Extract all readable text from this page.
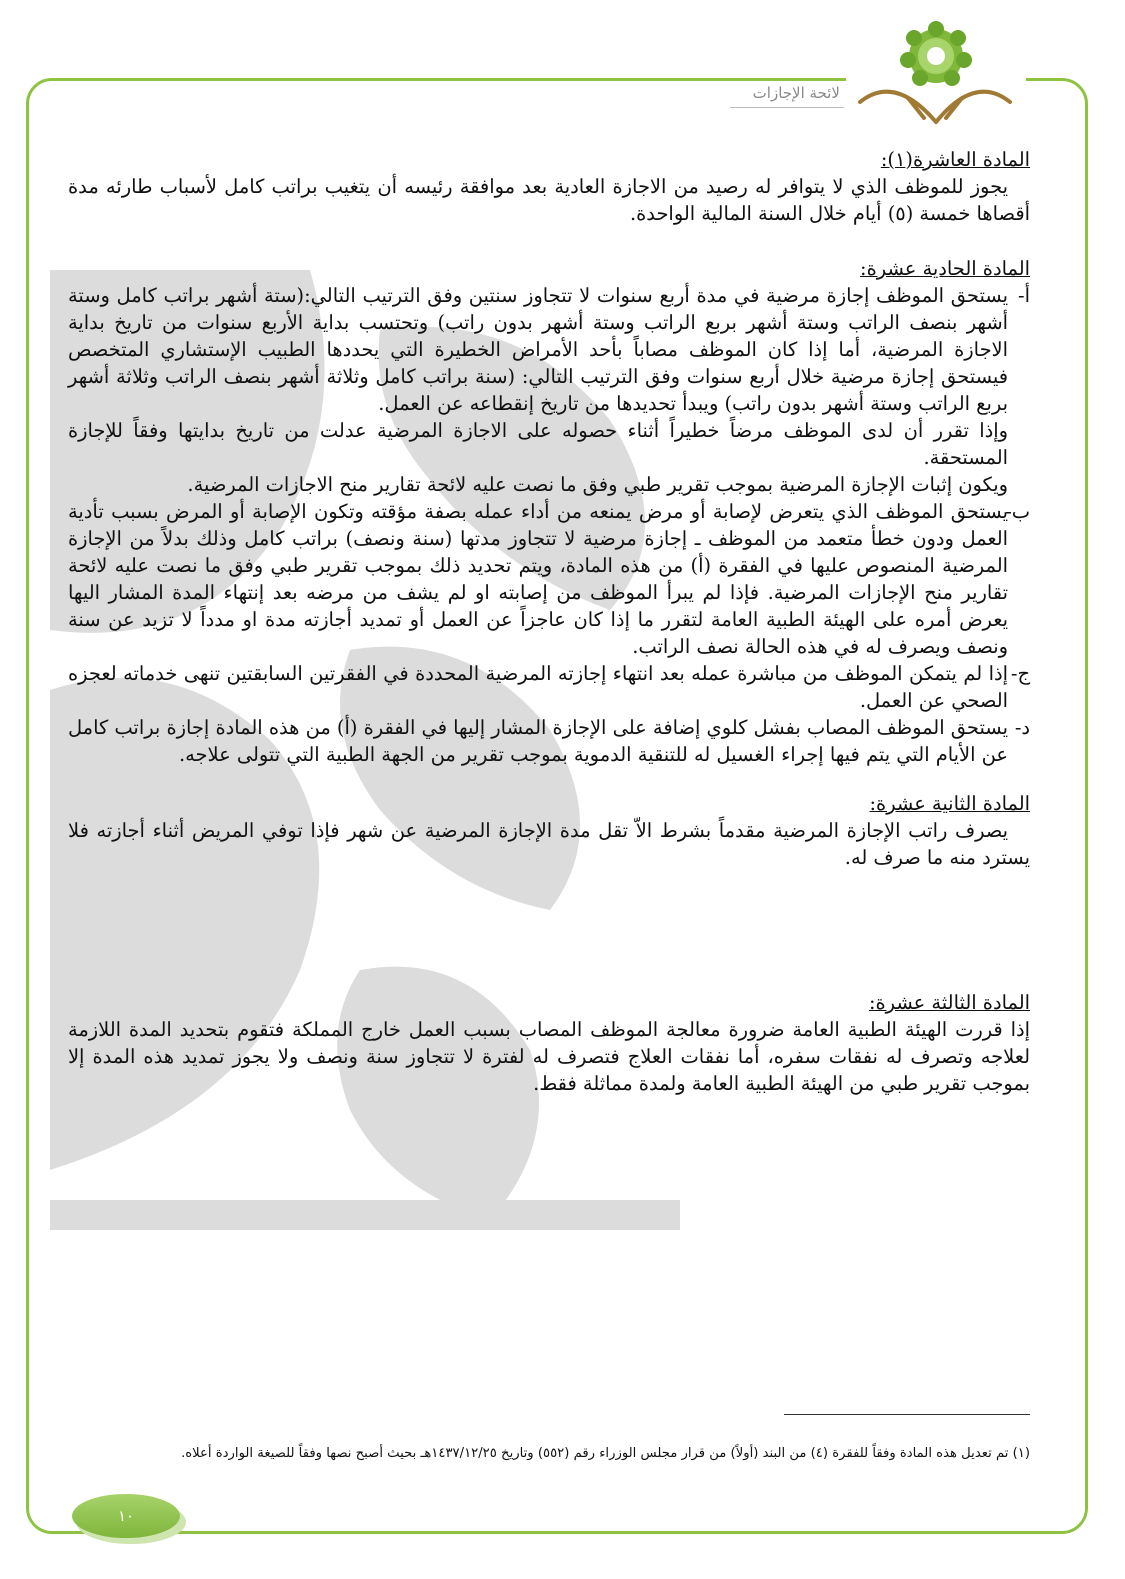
لائحة الإجازات
المادة العاشرة(١):

يجوز للموظف الذي لا يتوافر له رصيد من الاجازة العادية بعد موافقة رئيسه أن يتغيب براتب كامل لأسباب طارئه مدة أقصاها خمسة (٥) أيام خلال السنة المالية الواحدة.

المادة الحادية عشرة:
أ-

يستحق الموظف إجازة مرضية في مدة أربع سنوات لا تتجاوز سنتين وفق الترتيب التالي:(ستة أشهر براتب كامل وستة أشهر بنصف الراتب وستة أشهر بربع الراتب وستة أشهر بدون راتب) وتحتسب بداية الأربع سنوات من تاريخ بداية الاجازة المرضية، أما إذا كان الموظف مصاباً بأحد الأمراض الخطيرة التي يحددها الطبيب الإستشاري المتخصص فيستحق إجازة مرضية خلال أربع سنوات وفق الترتيب التالي: (سنة براتب كامل وثلاثة أشهر بنصف الراتب وثلاثة أشهر بربع الراتب وستة أشهر بدون راتب) ويبدأ تحديدها من تاريخ إنقطاعه عن العمل.

وإذا تقرر أن لدى الموظف مرضاً خطيراً أثناء حصوله على الاجازة المرضية عدلت من تاريخ بدايتها وفقاً للإجازة المستحقة.

ويكون إثبات الإجازة المرضية بموجب تقرير طبي وفق ما نصت عليه لائحة تقارير منح الاجازات المرضية.

ب-

يستحق الموظف الذي يتعرض لإصابة أو مرض يمنعه من أداء عمله بصفة مؤقته وتكون الإصابة أو المرض بسبب تأدية العمل ودون خطأ متعمد من الموظف ـ إجازة مرضية لا تتجاوز مدتها (سنة ونصف) براتب كامل وذلك بدلاً من الإجازة المرضية المنصوص عليها في الفقرة (أ) من هذه المادة، ويتم تحديد ذلك بموجب تقرير طبي وفق ما نصت عليه لائحة تقارير منح الإجازات المرضية. فإذا لم يبرأ الموظف من إصابته او لم يشف من مرضه بعد إنتهاء المدة المشار اليها يعرض أمره على الهيئة الطبية العامة لتقرر ما إذا كان عاجزاً عن العمل أو تمديد أجازته مدة او مدداً لا تزيد عن سنة ونصف ويصرف له في هذه الحالة نصف الراتب.

ج-

إذا لم يتمكن الموظف من مباشرة عمله بعد انتهاء إجازته المرضية المحددة في الفقرتين السابقتين تنهى خدماته لعجزه الصحي عن العمل.

د-

يستحق الموظف المصاب بفشل كلوي إضافة على الإجازة المشار إليها في الفقرة (أ) من هذه المادة إجازة براتب كامل عن الأيام التي يتم فيها إجراء الغسيل له للتنقية الدموية بموجب تقرير من الجهة الطبية التي تتولى علاجه.

المادة الثانية عشرة:

يصرف راتب الإجازة المرضية مقدماً بشرط الاّ تقل مدة الإجازة المرضية عن شهر فإذا توفي المريض أثناء أجازته فلا يسترد منه ما صرف له.

المادة الثالثة عشرة:

إذا قررت الهيئة الطبية العامة ضرورة معالجة الموظف المصاب بسبب العمل خارج المملكة فتقوم بتحديد المدة اللازمة لعلاجه وتصرف له نفقات سفره، أما نفقات العلاج فتصرف له لفترة لا تتجاوز سنة ونصف ولا يجوز تمديد هذه المدة إلا بموجب تقرير طبي من الهيئة الطبية العامة ولمدة مماثلة فقط.

(١) تم تعديل هذه المادة وفقاً للفقرة (٤) من البند (أولاً) من قرار مجلس الوزراء رقم (٥٥٢) وتاريخ ١٤٣٧/١٢/٢٥هـ بحيث أصبح نصها وفقاً للصيغة الواردة أعلاه.

١٠
